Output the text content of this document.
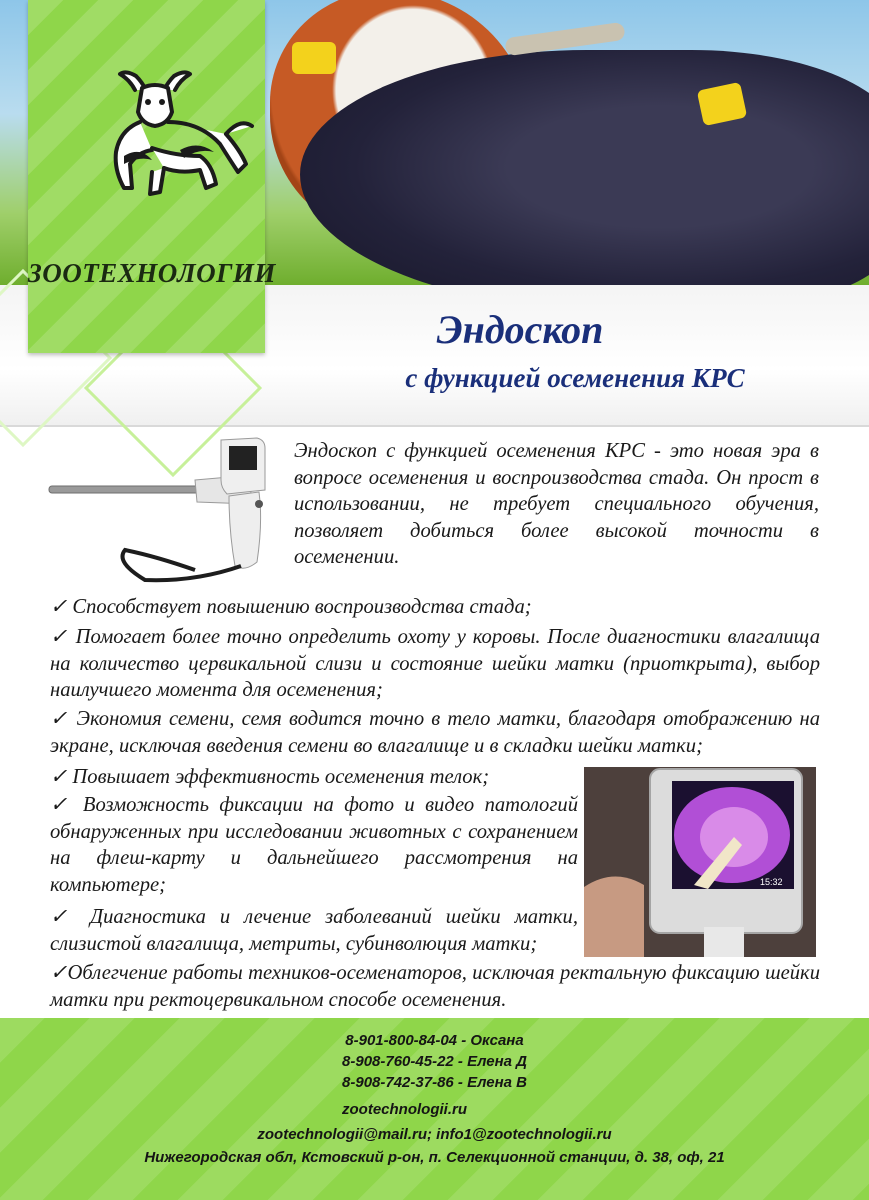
ЗООТЕХНОЛОГИИ
Эндоскоп
с функцией осеменения КРС
Эндоскоп с функцией осеменения КРС - это новая эра в вопросе осеменения и воспроизводства стада. Он прост в использовании, не требует специального обучения, позволяет добиться более высокой точности в осеменении.
✓ Способствует повышению воспроизводства стада;
✓ Помогает более точно определить охоту у коровы. После диагностики влагалища на количество цервикальной слизи и состояние шейки матки (приоткрыта), выбор наилучшего момента для осеменения;
✓ Экономия семени, семя водится точно в тело матки, благодаря отображению на экране, исключая введения семени во влагалище и в складки шейки матки;
✓ Повышает эффективность осеменения телок;
✓ Возможность фиксации на фото и видео патологий обнаруженных при исследовании животных с сохранением на флеш-карту и дальнейшего рассмотрения на компьютере;
✓ Диагностика и лечение заболеваний шейки матки, слизистой влагалища, метриты, субинволюция матки;
✓Облегчение работы техников-осеменаторов, исключая ректальную фиксацию шейки матки при ректоцервикальном способе осеменения.
15:32
8-901-800-84-04 - Оксана
8-908-760-45-22 - Елена Д
8-908-742-37-86 - Елена В
zootechnologii.ru
zootechnologii@mail.ru; info1@zootechnologii.ru
Нижегородская обл, Кстовский р-он, п. Селекционной станции, д. 38, оф, 21
